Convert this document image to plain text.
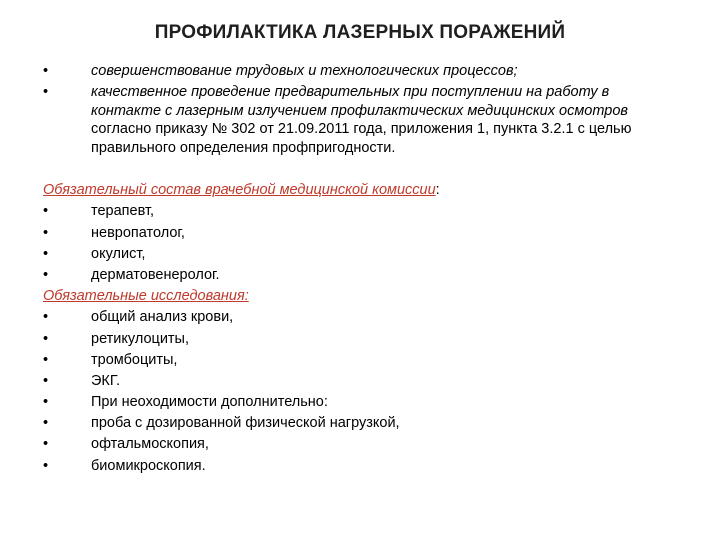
ПРОФИЛАКТИКА ЛАЗЕРНЫХ ПОРАЖЕНИЙ
•	совершенствование трудовых и технологических процессов;
•	качественное проведение предварительных при поступлении на работу в контакте с лазерным излучением профилактических медицинских осмотров согласно приказу № 302 от 21.09.2011 года, приложения 1, пункта 3.2.1 с целью правильного определения профпригодности.
Обязательный состав врачебной медицинской комиссии:
•	терапевт,
•	невропатолог,
•	окулист,
•	дерматовенеролог.
Обязательные исследования:
•	общий анализ крови,
•	ретикулоциты,
•	тромбоциты,
•	ЭКГ.
•	При неоходимости дополнительно:
•	проба с дозированной физической нагрузкой,
•	офтальмоскопия,
•	биомикроскопия.
